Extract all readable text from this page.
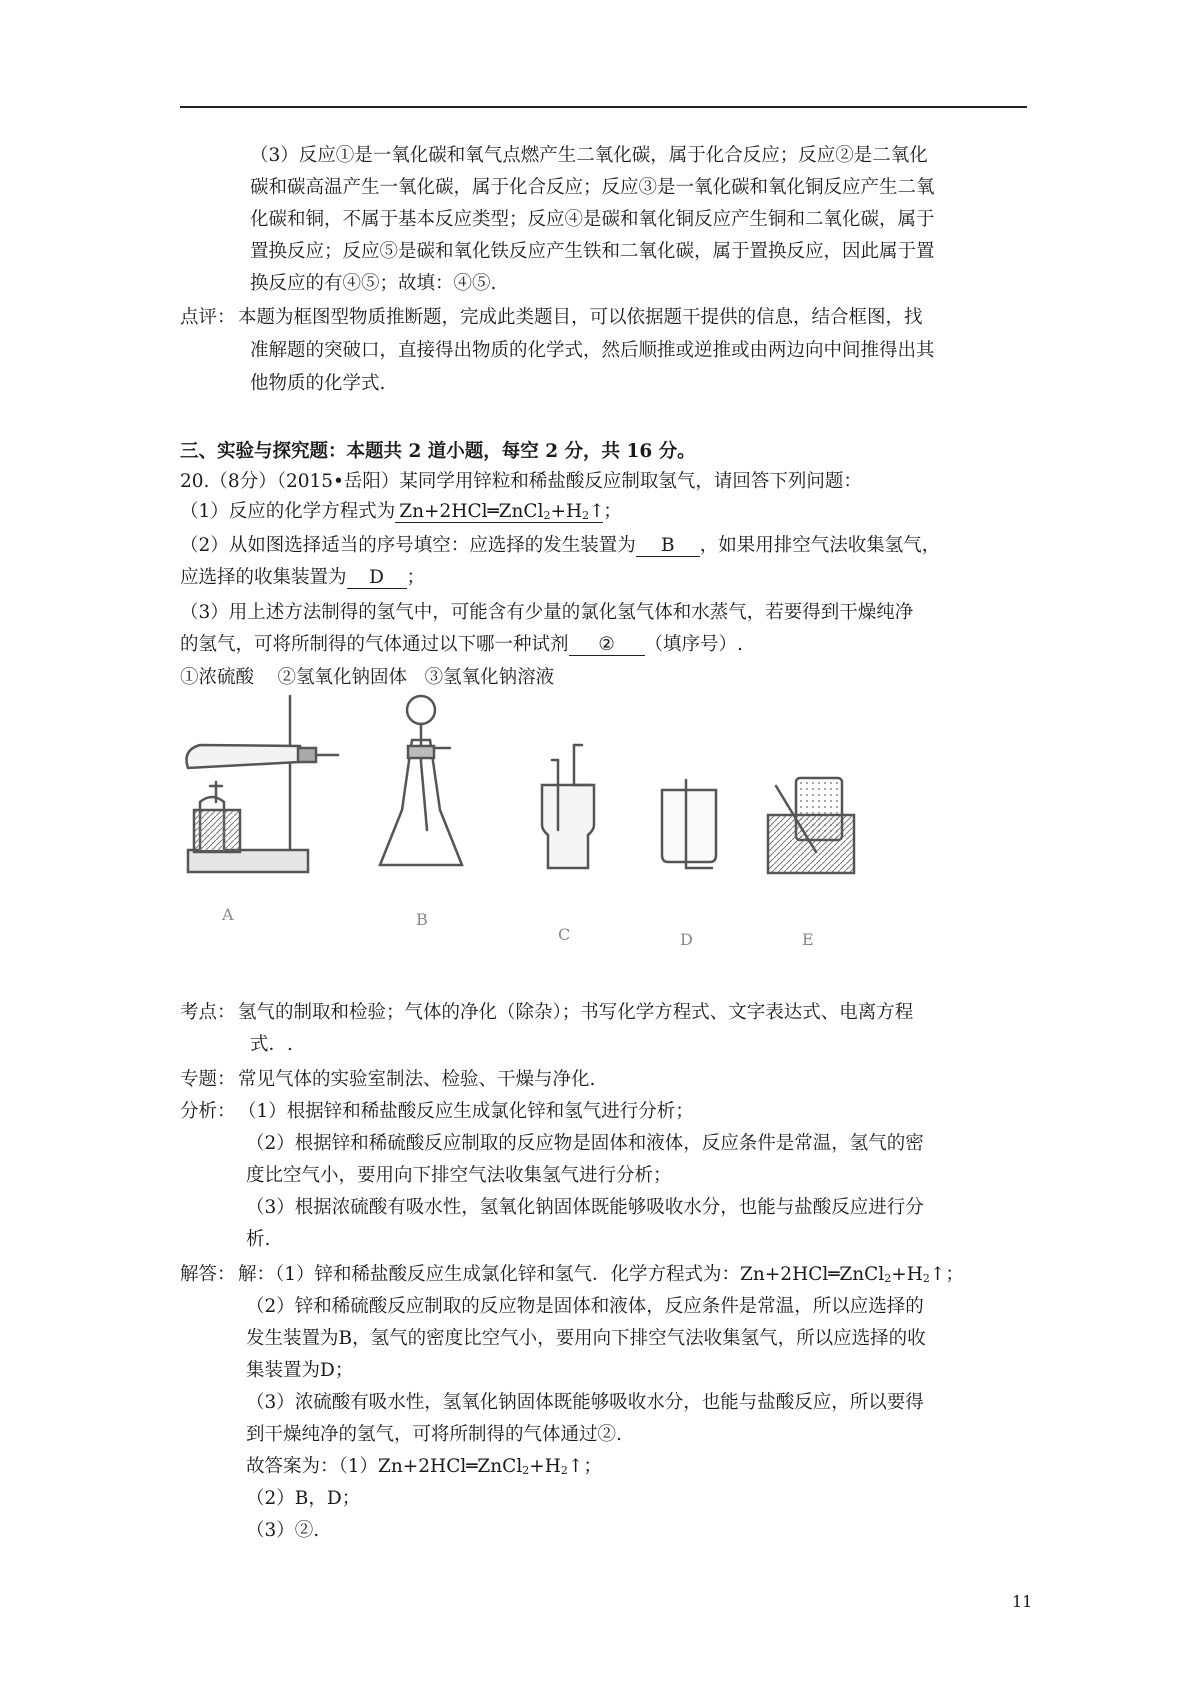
（3）反应①是一氧化碳和氧气点燃产生二氧化碳，属于化合反应；反应②是二氧化
碳和碳高温产生一氧化碳，属于化合反应；反应③是一氧化碳和氧化铜反应产生二氧
化碳和铜，不属于基本反应类型；反应④是碳和氧化铜反应产生铜和二氧化碳，属于
置换反应；反应⑤是碳和氧化铁反应产生铁和二氧化碳，属于置换反应，因此属于置
换反应的有④⑤；故填：④⑤.
点评： 本题为框图型物质推断题，完成此类题目，可以依据题干提供的信息，结合框图，找
准解题的突破口，直接得出物质的化学式，然后顺推或逆推或由两边向中间推得出其
他物质的化学式.
三、实验与探究题：本题共 2 道小题，每空 2 分，共 16 分。
20.（8分）（2015•岳阳）某同学用锌粒和稀盐酸反应制取氢气，请回答下列问题：
（1）反应的化学方程式为 $Zn+2HCl═ZnCl_2+H_2↑$；
（2）从如图选择适当的序号填空：应选择的发生装置为 B ，如果用排空气法收集氢气，
应选择的收集装置为 D ；
（3）用上述方法制得的氢气中，可能含有少量的氯化氢气体和水蒸气，若要得到干燥纯净
的氢气，可将所制得的气体通过以下哪一种试剂 ② （填序号）.
①浓硫酸    ②氢氧化钠固体   ③氢氧化钠溶液
A	B
C	D	E
考点： 氢气的制取和检验；气体的净化（除杂）；书写化学方程式、文字表达式、电离方程
式．.
专题： 常见气体的实验室制法、检验、干燥与净化.
分析： （1）根据锌和稀盐酸反应生成氯化锌和氢气进行分析；
（2）根据锌和稀硫酸反应制取的反应物是固体和液体，反应条件是常温，氢气的密
度比空气小，要用向下排空气法收集氢气进行分析；
（3）根据浓硫酸有吸水性，氢氧化钠固体既能够吸收水分，也能与盐酸反应进行分
析.
解答： 解：（1）锌和稀盐酸反应生成氯化锌和氢气．化学方程式为：$Zn+2HCl═ZnCl_2+H_2↑$；
（2）锌和稀硫酸反应制取的反应物是固体和液体，反应条件是常温，所以应选择的
发生装置为B，氢气的密度比空气小，要用向下排空气法收集氢气，所以应选择的收
集装置为D；
（3）浓硫酸有吸水性，氢氧化钠固体既能够吸收水分，也能与盐酸反应，所以要得
到干燥纯净的氢气，可将所制得的气体通过②.
故答案为：$(1)Zn+2HCl═ZnCl_2+H_2↑$；
（2）B，D；
（3）②.
11
